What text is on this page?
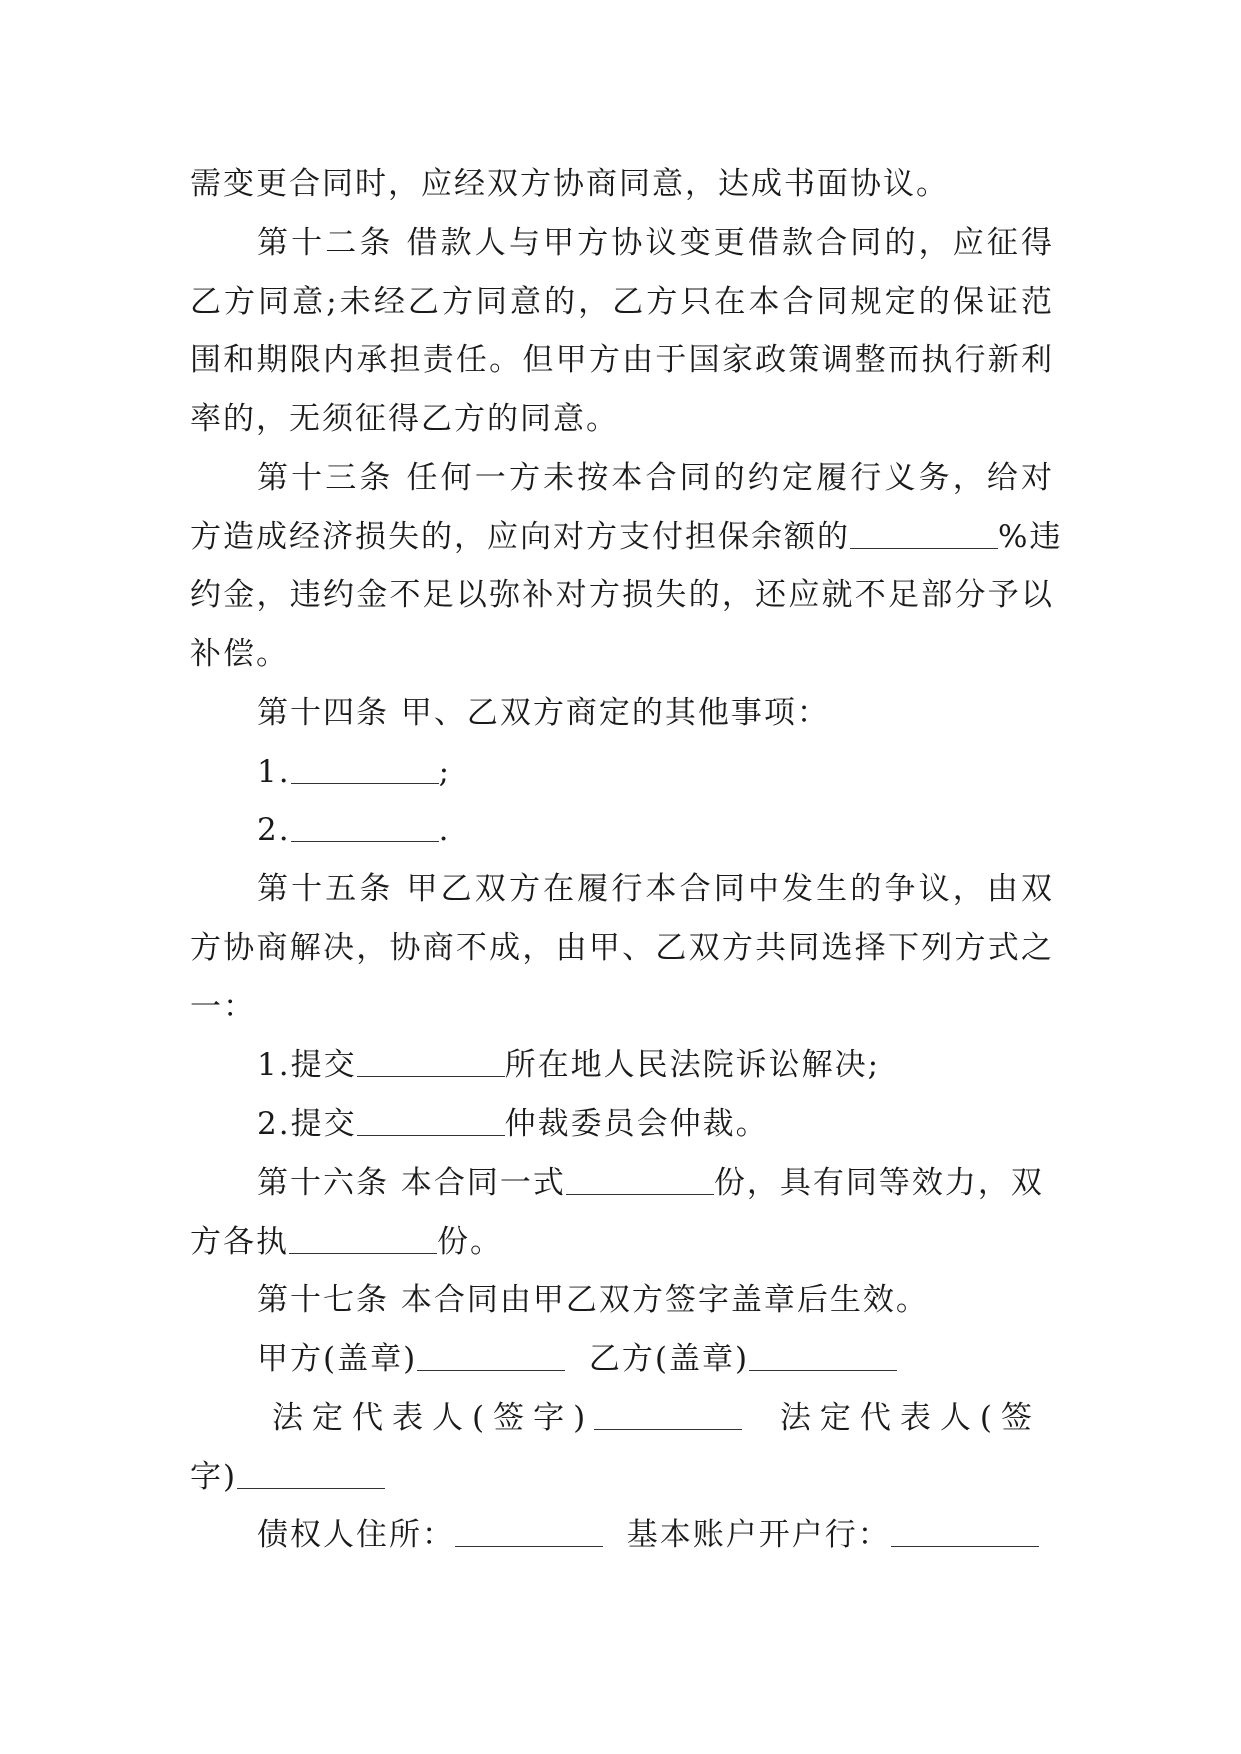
需变更合同时，应经双方协商同意，达成书面协议。
第十二条 借款人与甲方协议变更借款合同的，应征得
乙方同意;未经乙方同意的，乙方只在本合同规定的保证范
围和期限内承担责任。但甲方由于国家政策调整而执行新利
率的，无须征得乙方的同意。
第十三条 任何一方未按本合同的约定履行义务，给对
方造成经济损失的，应向对方支付担保余额的	%违
约金，违约金不足以弥补对方损失的，还应就不足部分予以
补偿。
第十四条 甲、乙双方商定的其他事项：
1.	;
2.	.
第十五条 甲乙双方在履行本合同中发生的争议，由双
方协商解决，协商不成，由甲、乙双方共同选择下列方式之
一：
1.提交	所在地人民法院诉讼解决;
2.提交	仲裁委员会仲裁。
第十六条 本合同一式	份，具有同等效力，双
方各执	份。
第十七条 本合同由甲乙双方签字盖章后生效。
甲方(盖章)	乙方(盖章)
法定代表人(签字)	法定代表人(签
字)
债权人住所：	基本账户开户行：
